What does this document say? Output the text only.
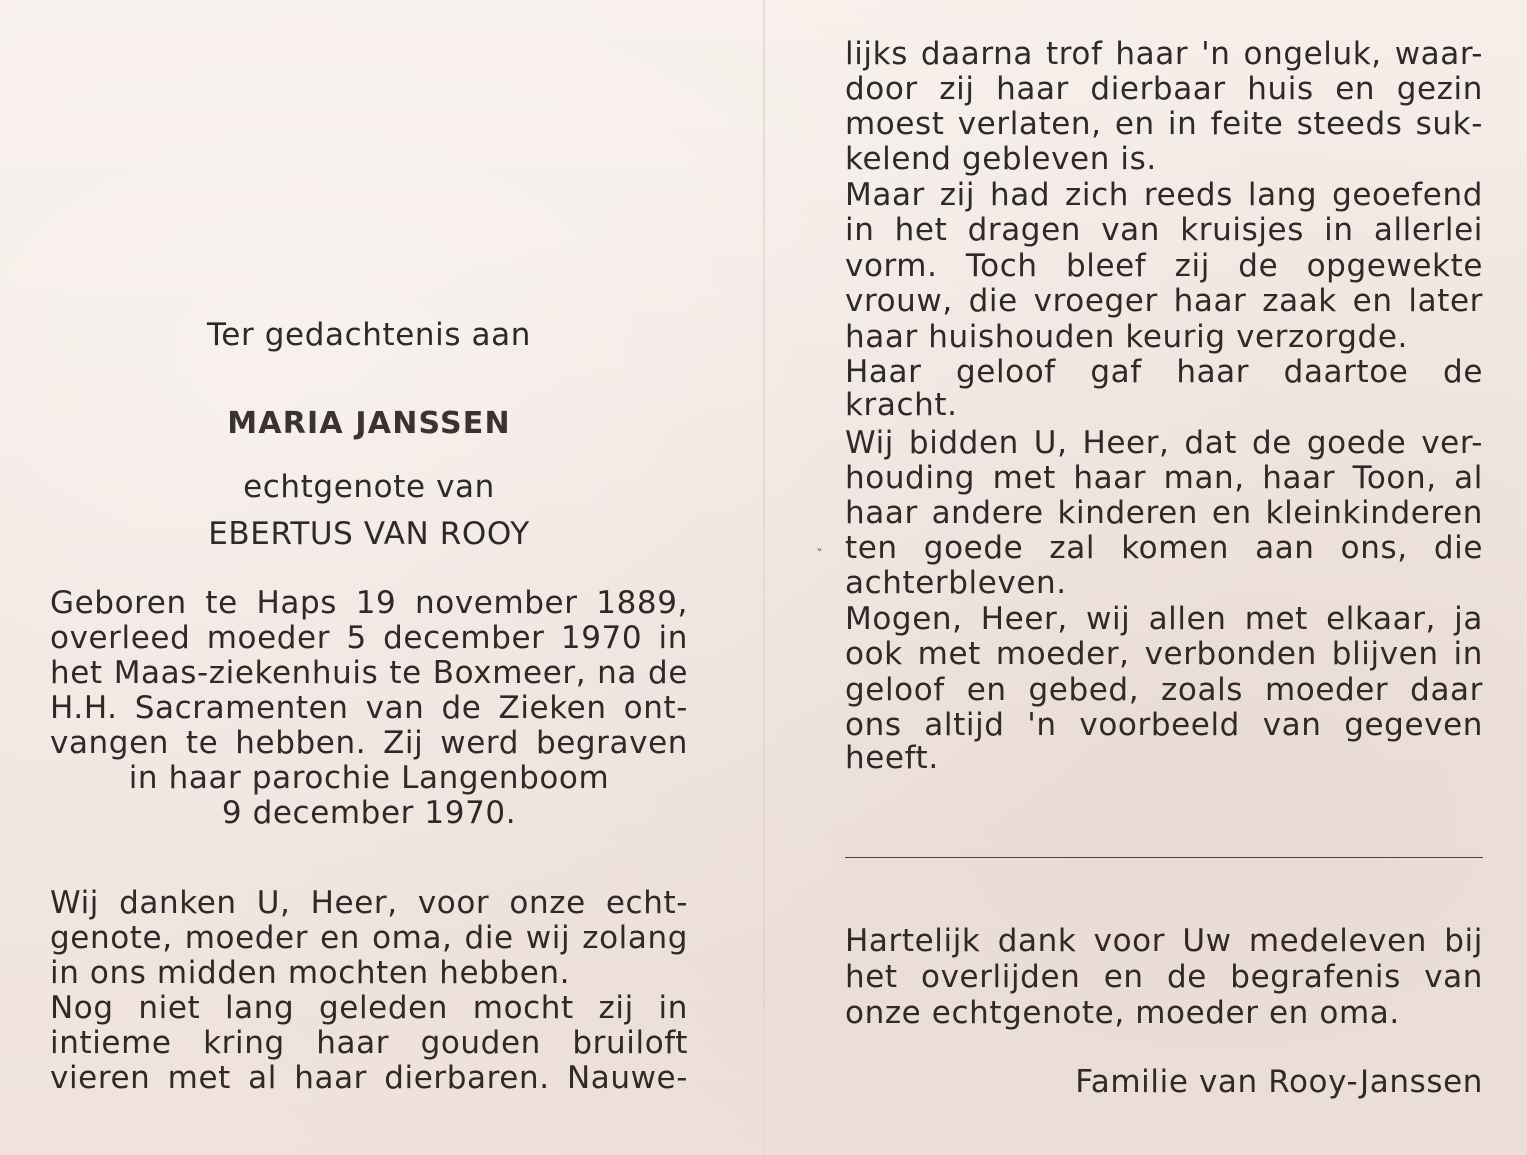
Ter gedachtenis aan
MARIA JANSSEN
echtgenote van
EBERTUS VAN ROOY
Geboren te Haps 19 november 1889,
overleed moeder 5 december 1970 in
het Maas-ziekenhuis te Boxmeer, na de
H.H. Sacramenten van de Zieken ont-
vangen te hebben. Zij werd begraven
in haar parochie Langenboom
9 december 1970.
Wij danken U, Heer, voor onze echt-
genote, moeder en oma, die wij zolang
in ons midden mochten hebben.
Nog niet lang geleden mocht zij in
intieme kring haar gouden bruiloft
vieren met al haar dierbaren. Nauwe-
lijks daarna trof haar 'n ongeluk, waar-
door zij haar dierbaar huis en gezin
moest verlaten, en in feite steeds suk-
kelend gebleven is.
Maar zij had zich reeds lang geoefend
in het dragen van kruisjes in allerlei
vorm. Toch bleef zij de opgewekte
vrouw, die vroeger haar zaak en later
haar huishouden keurig verzorgde.
Haar geloof gaf haar daartoe de
kracht.
Wij bidden U, Heer, dat de goede ver-
houding met haar man, haar Toon, al
haar andere kinderen en kleinkinderen
ten goede zal komen aan ons, die
achterbleven.
Mogen, Heer, wij allen met elkaar, ja
ook met moeder, verbonden blijven in
geloof en gebed, zoals moeder daar
ons altijd 'n voorbeeld van gegeven
heeft.
Hartelijk dank voor Uw medeleven bij
het overlijden en de begrafenis van
onze echtgenote, moeder en oma.
Familie van Rooy-Janssen
ˇ
